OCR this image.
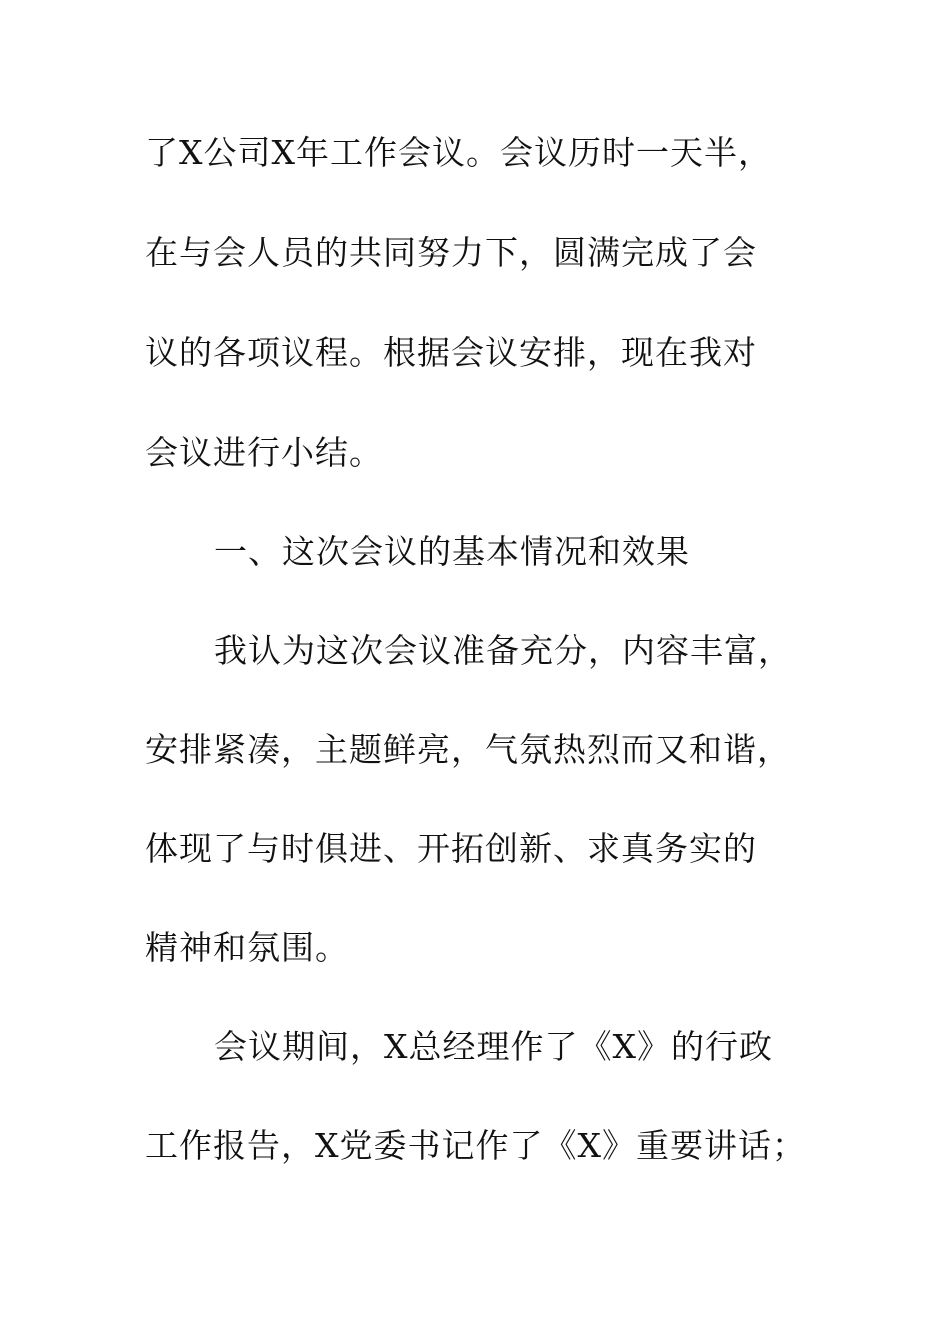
了X公司X年工作会议。会议历时一天半，
在与会人员的共同努力下，圆满完成了会
议的各项议程。根据会议安排，现在我对
会议进行小结。
一、这次会议的基本情况和效果
我认为这次会议准备充分，内容丰富，
安排紧凑，主题鲜亮，气氛热烈而又和谐，
体现了与时俱进、开拓创新、求真务实的
精神和氛围。
会议期间，X总经理作了《X》的行政
工作报告，X党委书记作了《X》重要讲话；
